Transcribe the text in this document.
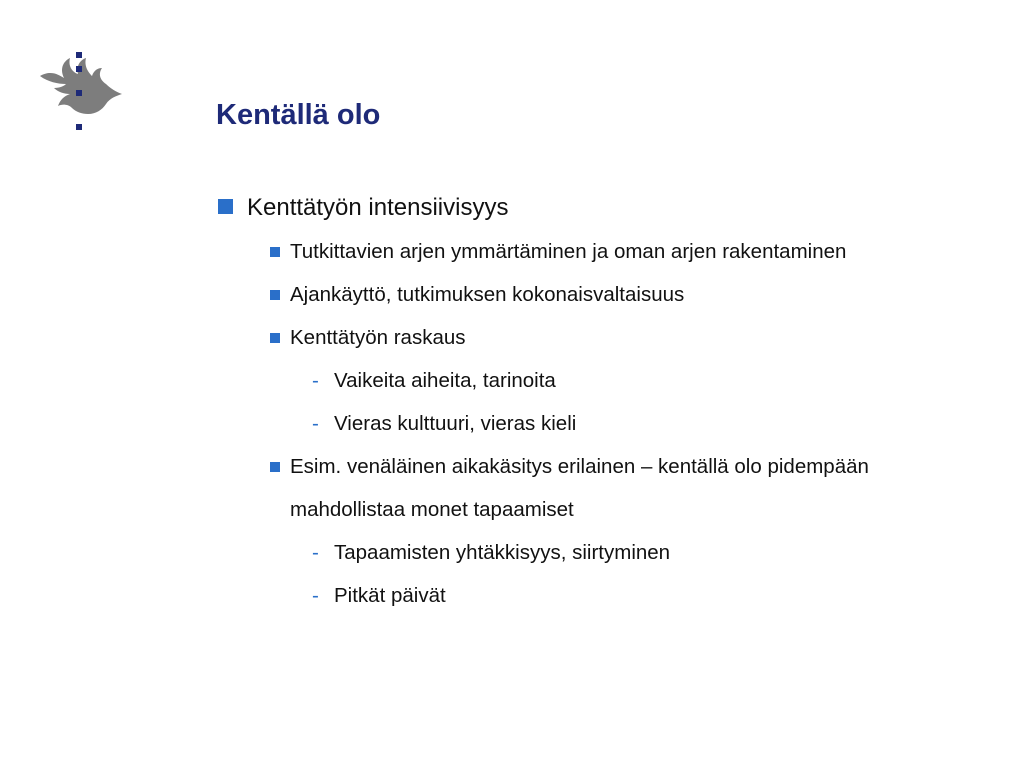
Kentällä olo
Kenttätyön intensiivisyys
Tutkittavien arjen ymmärtäminen ja oman arjen rakentaminen
Ajankäyttö, tutkimuksen kokonaisvaltaisuus
Kenttätyön raskaus
- Vaikeita aiheita, tarinoita
- Vieras kulttuuri, vieras kieli
Esim. venäläinen aikakäsitys erilainen – kentällä olo pidempään mahdollistaa monet tapaamiset
- Tapaamisten yhtäkkisyys, siirtyminen
- Pitkät päivät
